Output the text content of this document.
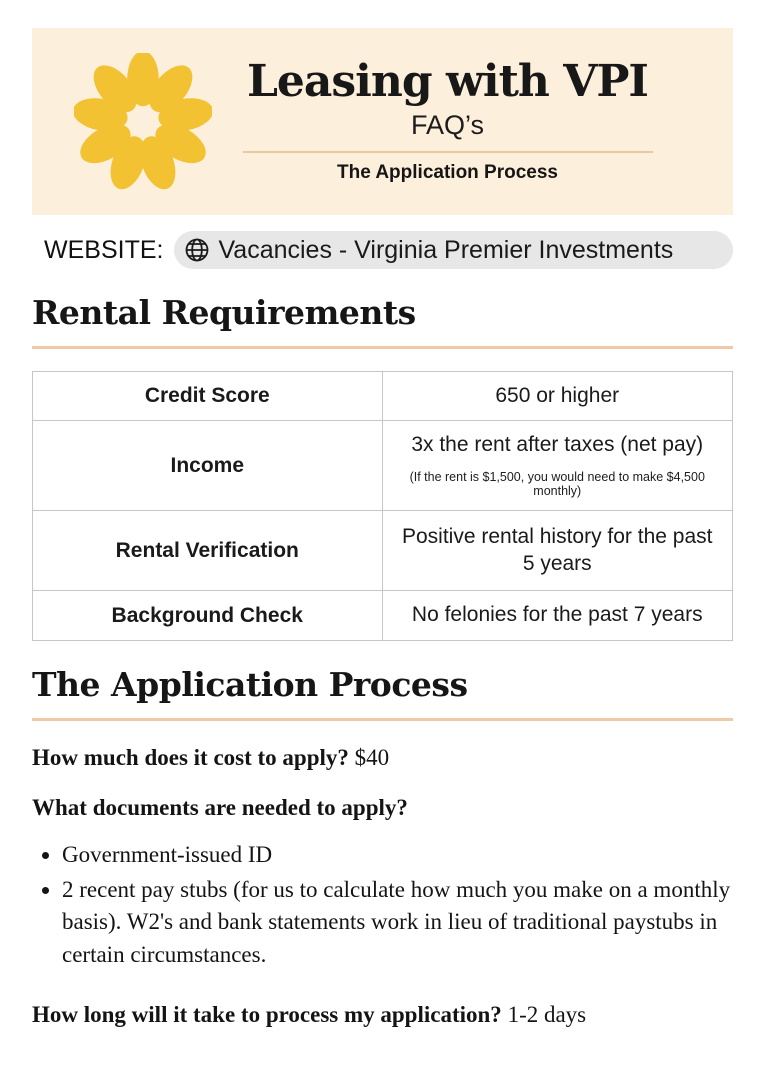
Leasing with VPI
FAQ’s
The Application Process
WEBSITE: Vacancies - Virginia Premier Investments
Rental Requirements
Credit Score	650 or higher
Income
3x the rent after taxes (net pay)
(If the rent is $1,500, you would need to make $4,500 monthly)
Rental Verification
Positive rental history for the past 5 years
Background Check	No felonies for the past 7 years
The Application Process

How much does it cost to apply? $40

What documents are needed to apply?

• Government-issued ID
• 2 recent pay stubs (for us to calculate how much you make on a monthly basis). W2's and bank statements work in lieu of traditional paystubs in certain circumstances.

How long will it take to process my application? 1-2 days
